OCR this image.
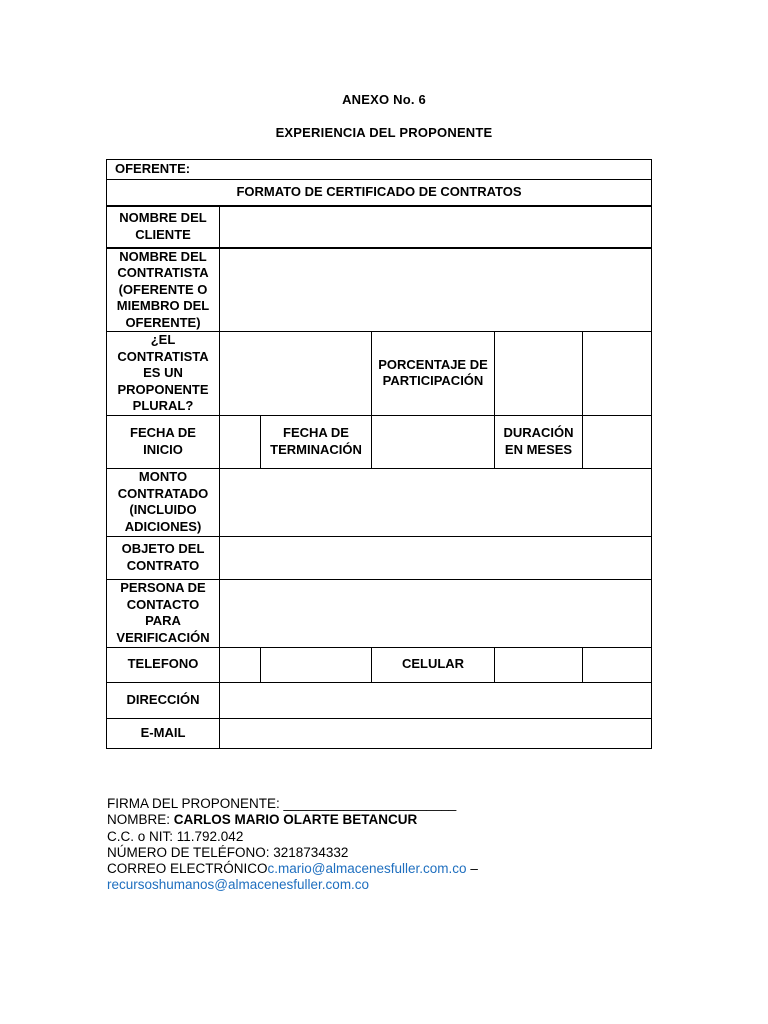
ANEXO No. 6
EXPERIENCIA DEL PROPONENTE
OFERENTE:					
FORMATO DE CERTIFICADO DE CONTRATOS					
NOMBRE DEL CLIENTE					
NOMBRE DEL CONTRATISTA (OFERENTE O MIEMBRO DEL OFERENTE)					
¿EL CONTRATISTA ES UN PROPONENTE PLURAL?			PORCENTAJE DE PARTICIPACIÓN		
FECHA DE INICIO		FECHA DE TERMINACIÓN		DURACIÓN EN MESES	
MONTO CONTRATADO (INCLUIDO ADICIONES)					
OBJETO DEL CONTRATO					
PERSONA DE CONTACTO PARA VERIFICACIÓN					
TELEFONO			CELULAR		
DIRECCIÓN					
E-MAIL					
FIRMA DEL PROPONENTE: _______________________
NOMBRE: CARLOS MARIO OLARTE BETANCUR
C.C. o NIT: 11.792.042
NÚMERO DE TELÉFONO: 3218734332
CORREO ELECTRÓNICOc.mario@almacenesfuller.com.co –
recursoshumanos@almacenesfuller.com.co
